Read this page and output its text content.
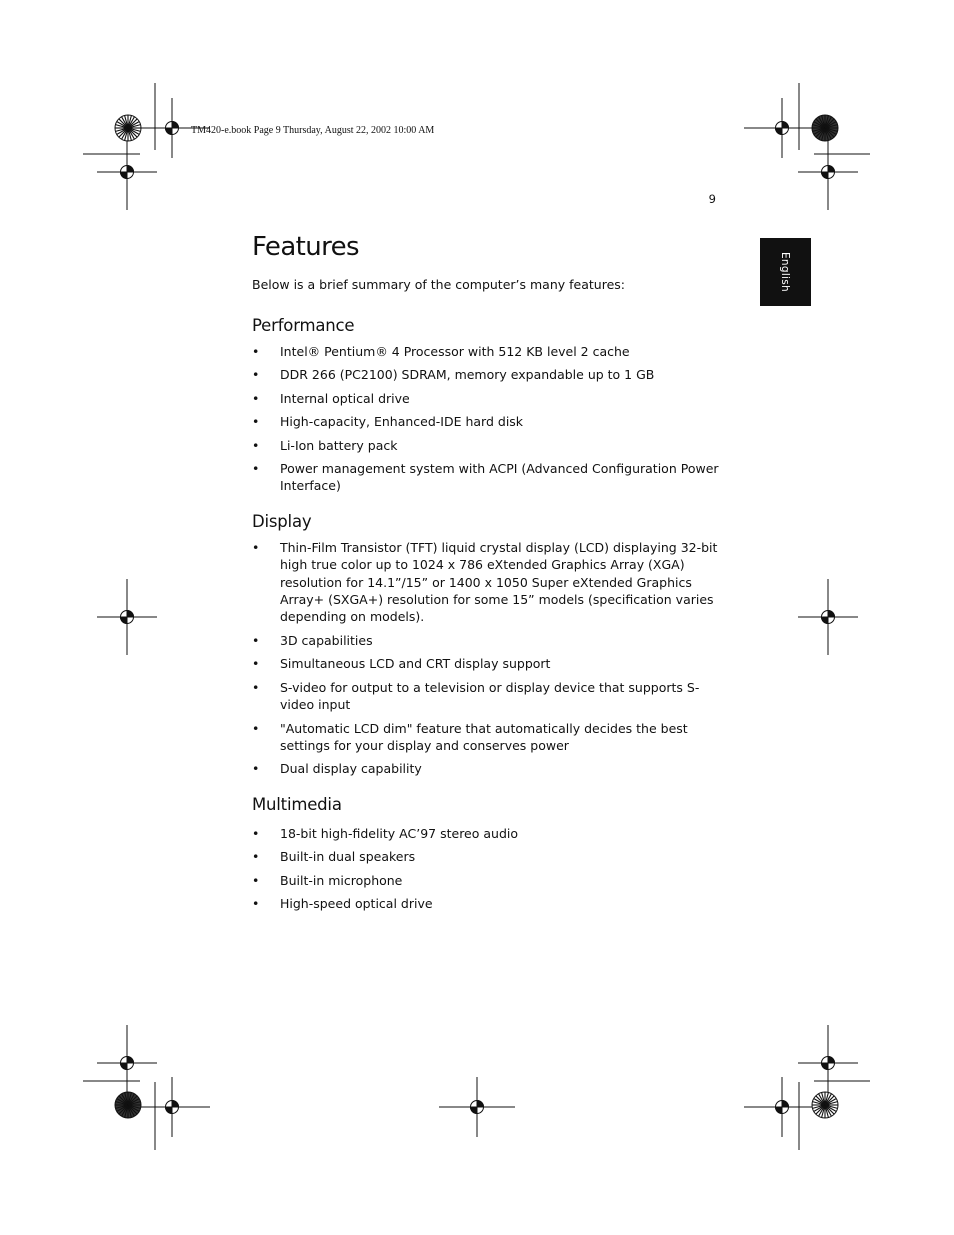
TM420-e.book Page 9 Thursday, August 22, 2002 10:00 AM
9
English
Features

Below is a brief summary of the computer’s many features:

Performance
• Intel® Pentium® 4 Processor with 512 KB level 2 cache
• DDR 266 (PC2100) SDRAM, memory expandable up to 1 GB
• Internal optical drive
• High-capacity, Enhanced-IDE hard disk
• Li-Ion battery pack
• Power management system with ACPI (Advanced Configuration Power Interface)
Display
• Thin-Film Transistor (TFT) liquid crystal display (LCD) displaying 32-bit high true color up to 1024 x 786 eXtended Graphics Array (XGA) resolution for 14.1”/15” or 1400 x 1050 Super eXtended Graphics Array+ (SXGA+) resolution for some 15” models (specification varies depending on models).
• 3D capabilities
• Simultaneous LCD and CRT display support
• S-video for output to a television or display device that supports S-video input
• "Automatic LCD dim" feature that automatically decides the best settings for your display and conserves power
• Dual display capability
Multimedia
• 18-bit high-fidelity AC’97 stereo audio
• Built-in dual speakers
• Built-in microphone
• High-speed optical drive
